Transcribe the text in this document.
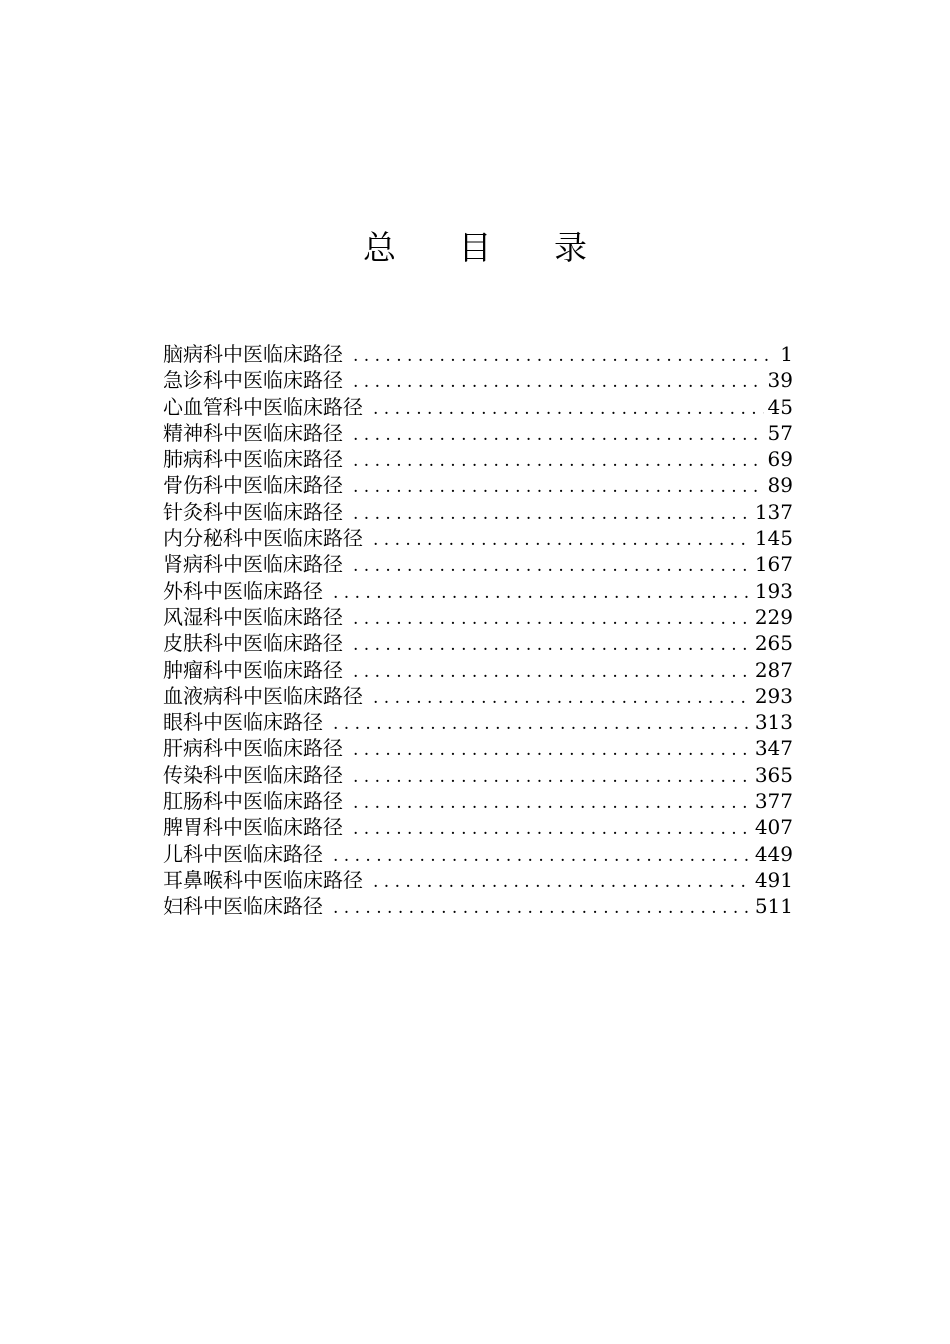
总 目 录
脑病科中医临床路径 . . .	1
急诊科中医临床路径 . . .	39
心血管科中医临床路径 . . .	45
精神科中医临床路径 . . .	57
肺病科中医临床路径 . . .	69
骨伤科中医临床路径 . . .	89
针灸科中医临床路径 . . .	137
内分秘科中医临床路径 . . .	145
肾病科中医临床路径 . . .	167
外科中医临床路径 . . .	193
风湿科中医临床路径 . . .	229
皮肤科中医临床路径 . . .	265
肿瘤科中医临床路径 . . .	287
血液病科中医临床路径 . . .	293
眼科中医临床路径 . . .	313
肝病科中医临床路径 . . .	347
传染科中医临床路径 . . .	365
肛肠科中医临床路径 . . .	377
脾胃科中医临床路径 . . .	407
儿科中医临床路径 . . .	449
耳鼻喉科中医临床路径 . . .	491
妇科中医临床路径 . . .	511
